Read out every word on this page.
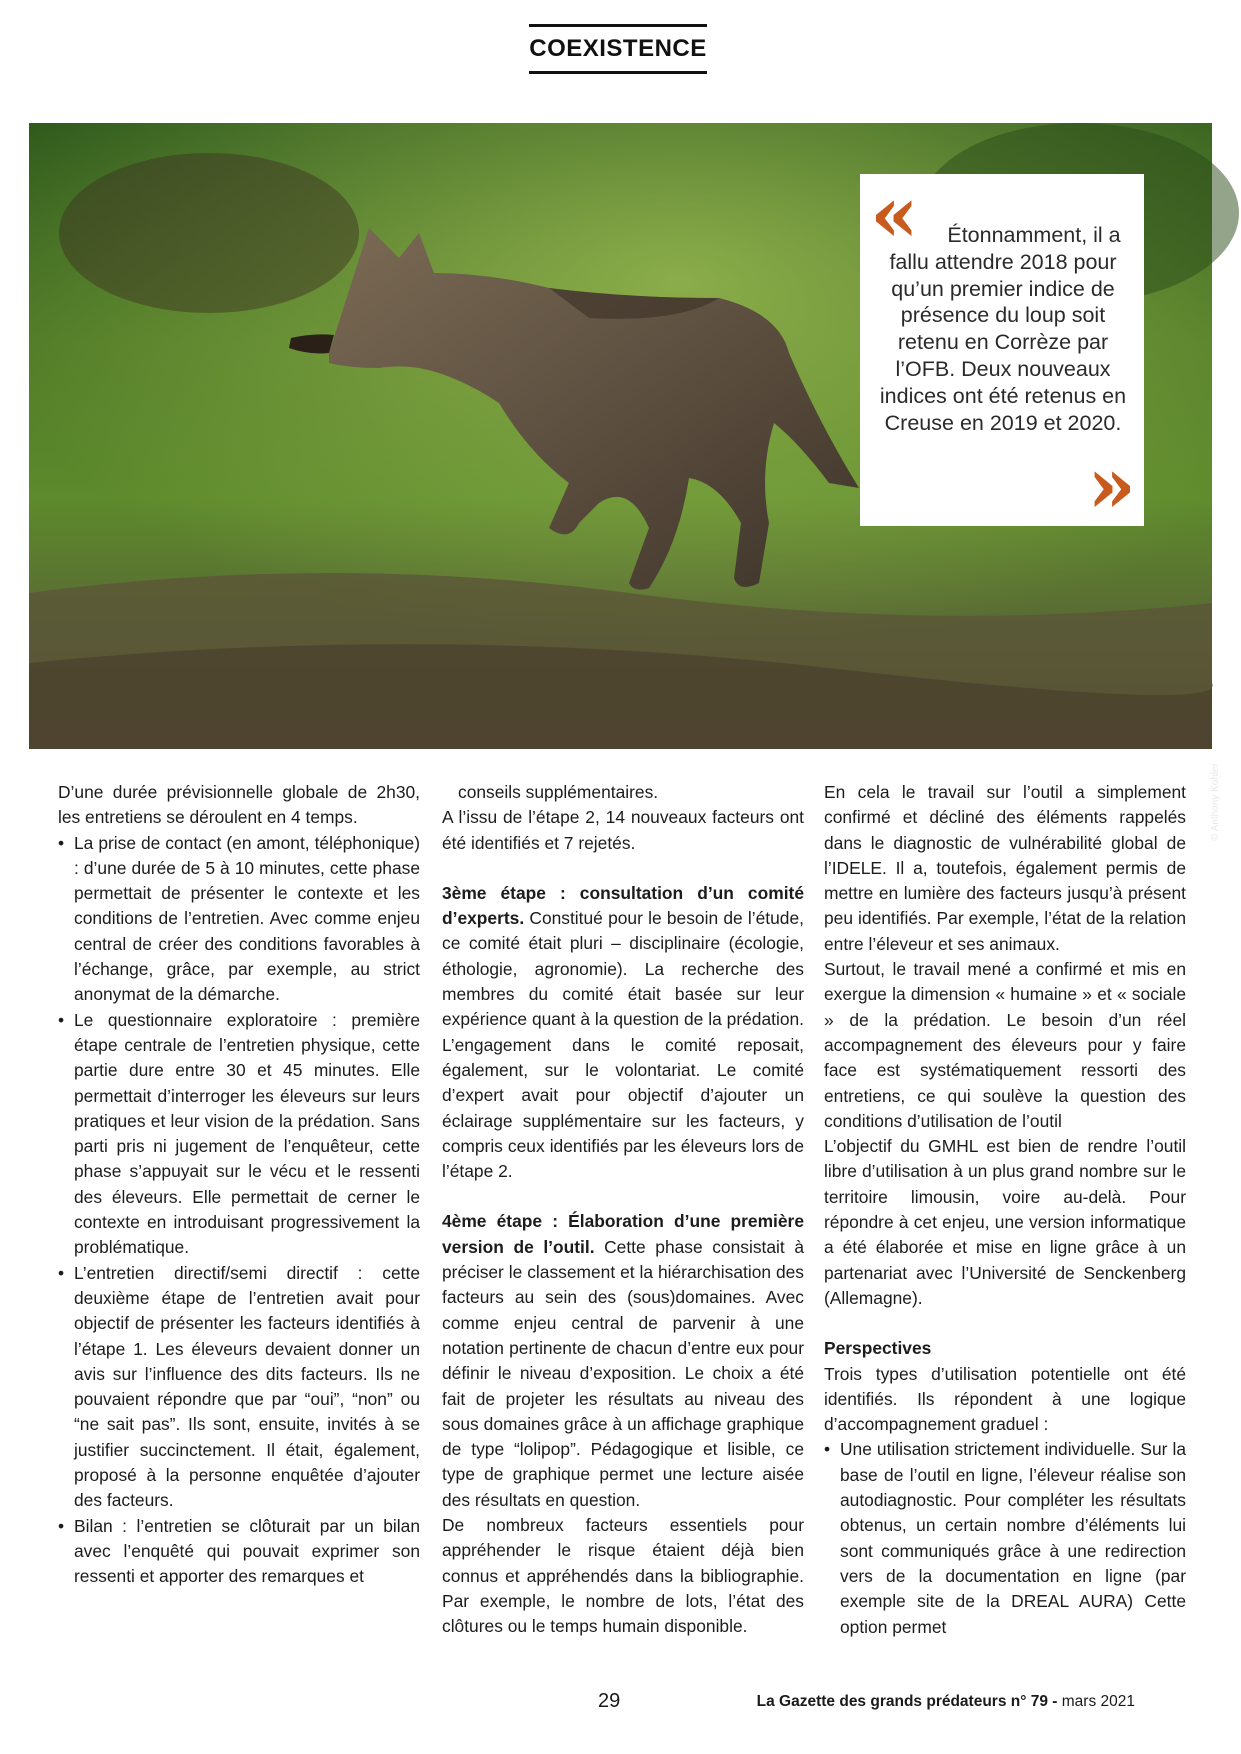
COEXISTENCE
© Anthony Kohler
«	Étonnamment, il a fallu attendre 2018 pour qu’un premier indice de présence du loup soit retenu en Corrèze par l’OFB. Deux nouveaux indices ont été retenus en Creuse en 2019 et 2020.
»

D’une durée prévisionnelle globale de 2h30, les entretiens se déroulent en 4 temps.

• La prise de contact (en amont, téléphonique) : d’une durée de 5 à 10 minutes, cette phase permettait de présenter le contexte et les conditions de l’entretien. Avec comme enjeu central de créer des conditions favorables à l’échange, grâce, par exemple, au strict anonymat de la démarche.
• Le questionnaire exploratoire : première étape centrale de l’entretien physique, cette partie dure entre 30 et 45 minutes. Elle permettait d’interroger les éleveurs sur leurs pratiques et leur vision de la prédation. Sans parti pris ni jugement de l’enquêteur, cette phase s’appuyait sur le vécu et le ressenti des éleveurs. Elle permettait de cerner le contexte en introduisant progressivement la problématique.
• L’entretien directif/semi directif : cette deuxième étape de l’entretien avait pour objectif de présenter les facteurs identifiés à l’étape 1. Les éleveurs devaient donner un avis sur l’influence des dits facteurs. Ils ne pouvaient répondre que par “oui”, “non” ou “ne sait pas”. Ils sont, ensuite, invités à se justifier succinctement. Il était, également, proposé à la personne enquêtée d’ajouter des facteurs.
• Bilan : l’entretien se clôturait par un bilan avec l’enquêté qui pouvait exprimer son ressenti et apporter des remarques et

conseils supplémentaires.

A l’issu de l’étape 2, 14 nouveaux facteurs ont été identifiés et 7 rejetés.

3ème étape : consultation d’un comité d’experts. Constitué pour le besoin de l’étude, ce comité était pluri – disciplinaire (écologie, éthologie, agronomie). La recherche des membres du comité était basée sur leur expérience quant à la question de la prédation. L’engagement dans le comité reposait, également, sur le volontariat. Le comité d’expert avait pour objectif d’ajouter un éclairage supplémentaire sur les facteurs, y compris ceux identifiés par les éleveurs lors de l’étape 2.

4ème étape : Élaboration d’une première version de l’outil. Cette phase consistait à préciser le classement et la hiérarchisation des facteurs au sein des (sous)domaines. Avec comme enjeu central de parvenir à une notation pertinente de chacun d’entre eux pour définir le niveau d’exposition. Le choix a été fait de projeter les résultats au niveau des sous domaines grâce à un affichage graphique de type “lolipop”. Pédagogique et lisible, ce type de graphique permet une lecture aisée des résultats en question.

De nombreux facteurs essentiels pour appréhender le risque étaient déjà bien connus et appréhendés dans la bibliographie. Par exemple, le nombre de lots, l’état des clôtures ou le temps humain disponible.

En cela le travail sur l’outil a simplement confirmé et décliné des éléments rappelés dans le diagnostic de vulnérabilité global de l’IDELE. Il a, toutefois, également permis de mettre en lumière des facteurs jusqu’à présent peu identifiés. Par exemple, l’état de la relation entre l’éleveur et ses animaux.

Surtout, le travail mené a confirmé et mis en exergue la dimension « humaine » et « sociale » de la prédation. Le besoin d’un réel accompagnement des éleveurs pour y faire face est systématiquement ressorti des entretiens, ce qui soulève la question des conditions d’utilisation de l’outil

L’objectif du GMHL est bien de rendre l’outil libre d’utilisation à un plus grand nombre sur le territoire limousin, voire au-delà. Pour répondre à cet enjeu, une version informatique a été élaborée et mise en ligne grâce à un partenariat avec l’Université de Senckenberg (Allemagne).

Perspectives

Trois types d’utilisation potentielle ont été identifiés. Ils répondent à une logique d’accompagnement graduel :

• Une utilisation strictement individuelle. Sur la base de l’outil en ligne, l’éleveur réalise son autodiagnostic. Pour compléter les résultats obtenus, un certain nombre d’éléments lui sont communiqués grâce à une redirection vers de la documentation en ligne (par exemple site de la DREAL AURA) Cette option permet
29	La Gazette des grands prédateurs n° 79 - mars 2021
